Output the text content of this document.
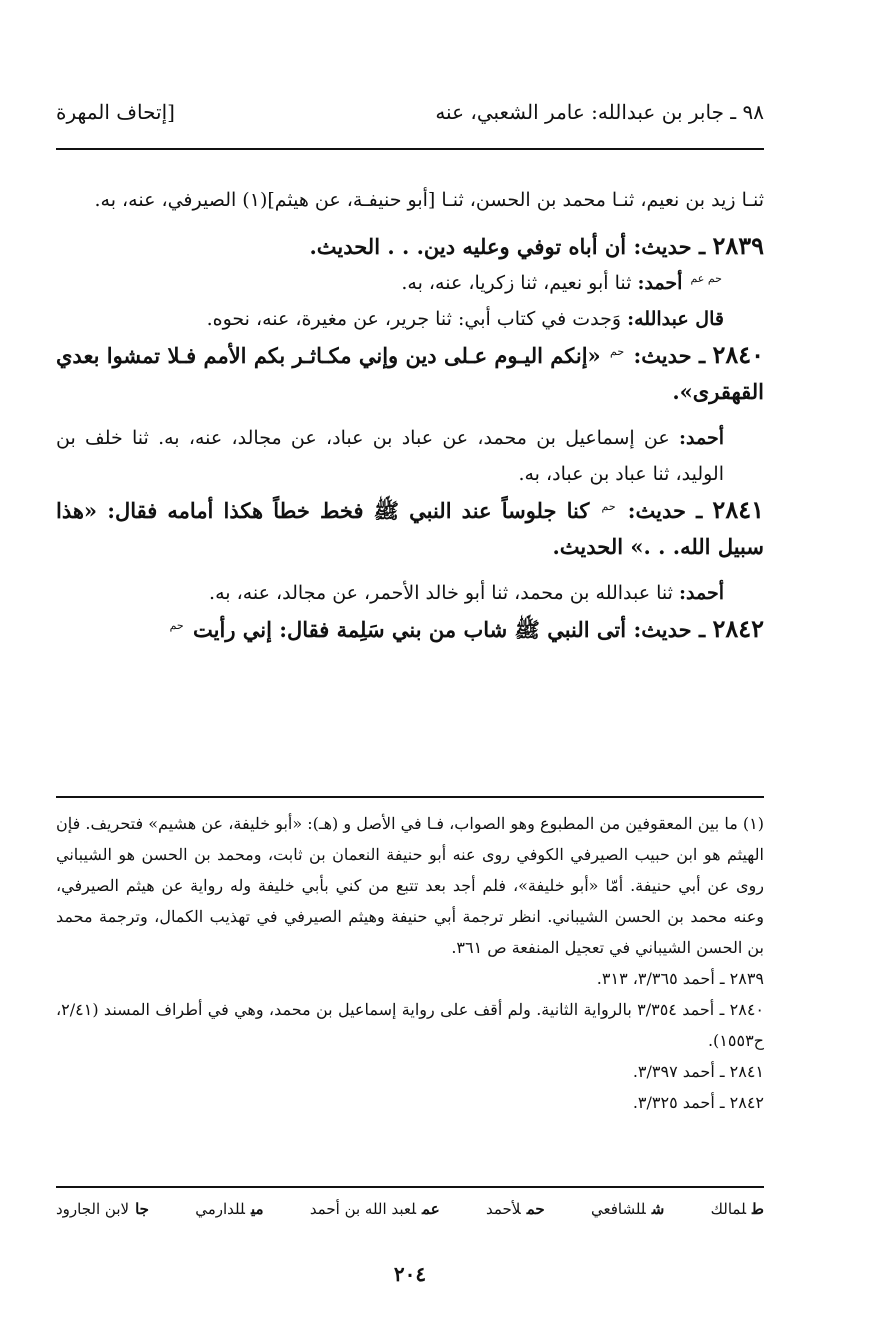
٩٨ ـ جابر بن عبدالله: عامر الشعبي، عنه
[إتحاف المهرة

ثنـا زيد بن نعيم، ثنـا محمد بن الحسن، ثنـا [أبو حنيفـة، عن هيثم](١) الصيرفي، عنه، به.

٢٨٣٩ ـ حديث: أن أباه توفي وعليه دين. . . الحديث.

$^{حم عم}$ أحمد: ثنا أبو نعيم، ثنا زكريا، عنه، به.

قال عبدالله: وَجدت في كتاب أبي: ثنا جرير، عن مغيرة، عنه، نحوه.

٢٨٤٠ ـ حديث: $^{حم}$ «إنكم اليـوم عـلى دين وإني مكـاثـر بكم الأمم فـلا تمشوا بعدي القهقرى».

أحمد: عن إسماعيل بن محمد، عن عباد بن عباد، عن مجالد، عنه، به. ثنا خلف بن الوليد، ثنا عباد بن عباد، به.

٢٨٤١ ـ حديث: $^{حم}$ كنا جلوساً عند النبي ﷺ فخط خطاً هكذا أمامه فقال: «هذا سبيل الله. . .» الحديث.

أحمد: ثنا عبدالله بن محمد، ثنا أبو خالد الأحمر، عن مجالد، عنه، به.

٢٨٤٢ ـ حديث: أتى النبي ﷺ شاب من بني سَلِمة فقال: إني رأيت $^{حم}$

(١) ما بين المعقوفين من المطبوع وهو الصواب، فـا في الأصل و (هـ): «أبو خليفة، عن هشيم» فتحريف. فإن الهيثم هو ابن حبيب الصيرفي الكوفي روى عنه أبو حنيفة النعمان بن ثابت، ومحمد بن الحسن هو الشيباني روى عن أبي حنيفة. أمّا «أبو خليفة»، فلم أجد بعد تتبع من كني بأبي خليفة وله رواية عن هيثم الصيرفي، وعنه محمد بن الحسن الشيباني. انظر ترجمة أبي حنيفة وهيثم الصيرفي في تهذيب الكمال، وترجمة محمد بن الحسن الشيباني في تعجيل المنفعة ص ٣٦١.

٢٨٣٩ ـ أحمد ٣/٣٦٥، ٣١٣.

٢٨٤٠ ـ أحمد ٣/٣٥٤ بالرواية الثانية. ولم أقف على رواية إسماعيل بن محمد، وهي في أطراف المسند (٢/٤١، ح١٥٥٣).

٢٨٤١ ـ أحمد ٣/٣٩٧.

٢٨٤٢ ـ أحمد ٣/٣٢٥.

طلمالك
شللشافعي
حملأحمد
عملعبد الله بن أحمد
ميللدارمي
جالابن الجارود
٢٠٤
